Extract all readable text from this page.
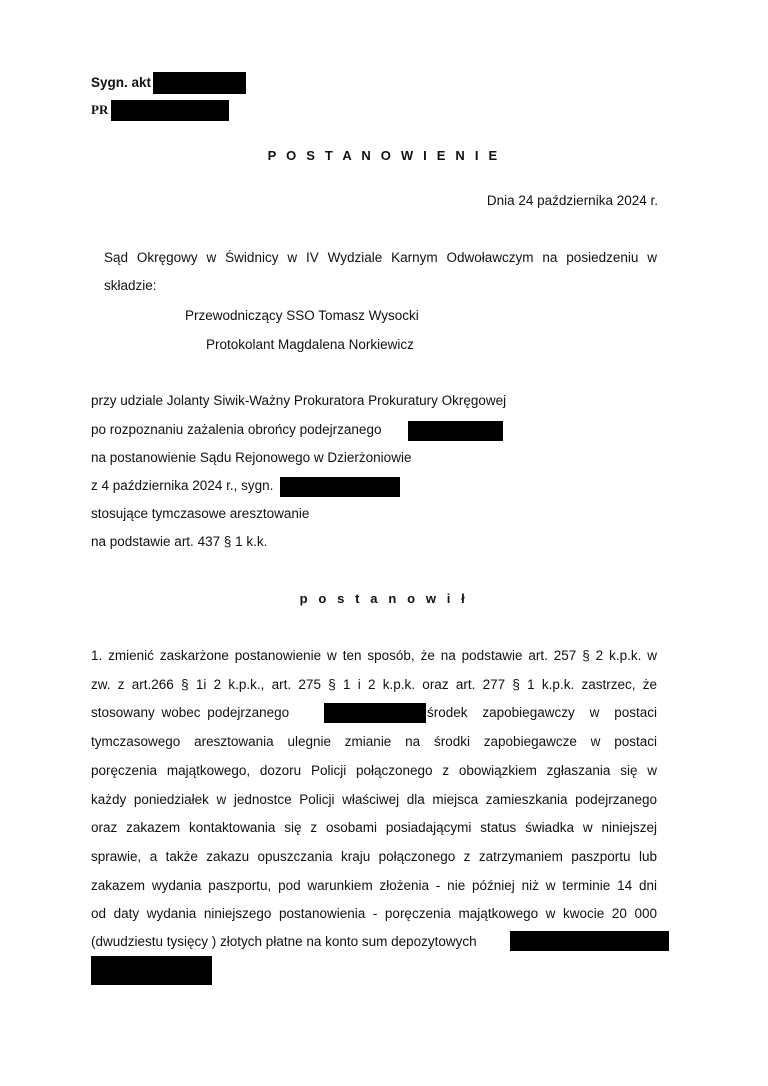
Sygn. akt
PR
P O S T A N O W I E N I E
Dnia 24 października 2024 r.
Sąd Okręgowy w Świdnicy w IV Wydziale Karnym Odwoławczym na posiedzeniu w
składzie:
Przewodniczący SSO Tomasz Wysocki
Protokolant Magdalena Norkiewicz
przy udziale Jolanty Siwik-Ważny Prokuratora Prokuratury Okręgowej
po rozpoznaniu zażalenia obrońcy podejrzanego
na postanowienie Sądu Rejonowego w Dzierżoniowie
z 4 października 2024 r., sygn.
stosujące tymczasowe aresztowanie
na podstawie art. 437 § 1 k.k.
p o s t a n o w i ł
1. zmienić zaskarżone postanowienie w ten sposób, że na podstawie art. 257 § 2 k.p.k. w
zw. z art.266 § 1i 2 k.p.k., art. 275 § 1 i 2 k.p.k. oraz art. 277 § 1 k.p.k. zastrzec, że
stosowany wobec podejrzanego	środek zapobiegawczy w postaci
tymczasowego aresztowania ulegnie zmianie na środki zapobiegawcze w postaci
poręczenia majątkowego, dozoru Policji połączonego z obowiązkiem zgłaszania się w
każdy poniedziałek w jednostce Policji właściwej dla miejsca zamieszkania podejrzanego
oraz zakazem kontaktowania się z osobami posiadającymi status świadka w niniejszej
sprawie, a także zakazu opuszczania kraju połączonego z zatrzymaniem paszportu lub
zakazem wydania paszportu, pod warunkiem złożenia - nie później niż w terminie 14 dni
od daty wydania niniejszego postanowienia - poręczenia majątkowego w kwocie 20 000
(dwudziestu tysięcy ) złotych płatne na konto sum depozytowych
